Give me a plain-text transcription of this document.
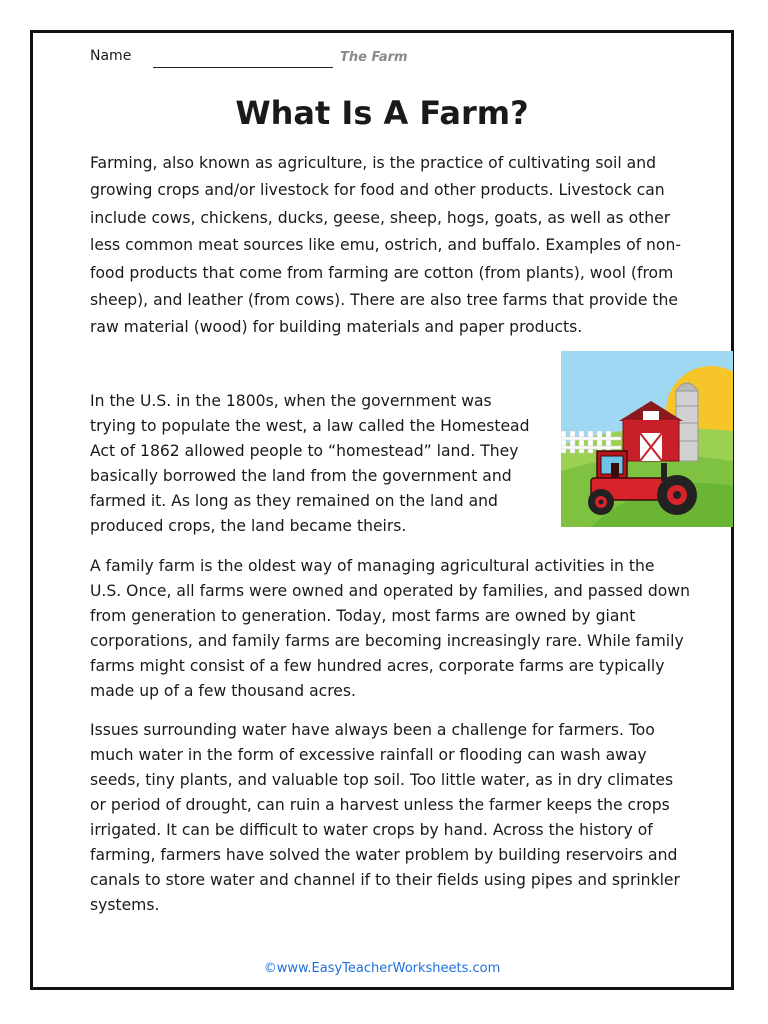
Name	The Farm
What Is A Farm?

Farming, also known as agriculture, is the practice of cultivating soil and growing crops and/or livestock for food and other products. Livestock can include cows, chickens, ducks, geese, sheep, hogs, goats, as well as other less common meat sources like emu, ostrich, and buffalo. Examples of non-food products that come from farming are cotton (from plants), wool (from sheep), and leather (from cows). There are also tree farms that provide the raw material (wood) for building materials and paper products.

In the U.S. in the 1800s, when the government was trying to populate the west, a law called the Homestead Act of 1862 allowed people to “homestead” land. They basically borrowed the land from the government and farmed it. As long as they remained on the land and produced crops, the land became theirs.

A family farm is the oldest way of managing agricultural activities in the U.S. Once, all farms were owned and operated by families, and passed down from generation to generation. Today, most farms are owned by giant corporations, and family farms are becoming increasingly rare. While family farms might consist of a few hundred acres, corporate farms are typically made up of a few thousand acres.

Issues surrounding water have always been a challenge for farmers. Too much water in the form of excessive rainfall or flooding can wash away seeds, tiny plants, and valuable top soil. Too little water, as in dry climates or period of drought, can ruin a harvest unless the farmer keeps the crops irrigated. It can be difficult to water crops by hand. Across the history of farming, farmers have solved the water problem by building reservoirs and canals to store water and channel if to their fields using pipes and sprinkler systems.

©www.EasyTeacherWorksheets.com
